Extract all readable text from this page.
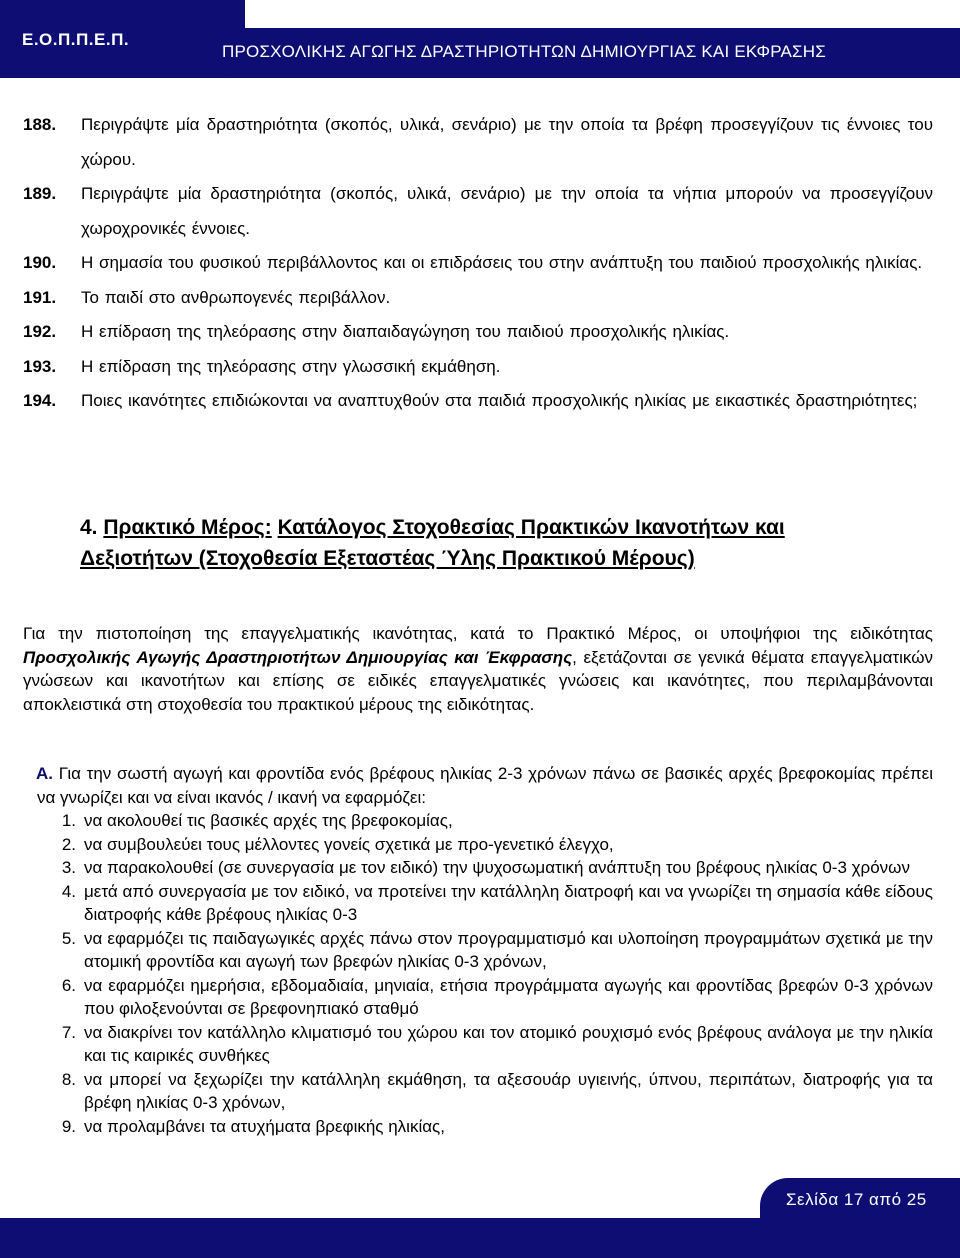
Ε.Ο.Π.Π.Ε.Π.
ΠΡΟΣΧΟΛΙΚΗΣ ΑΓΩΓΗΣ ΔΡΑΣΤΗΡΙΟΤΗΤΩΝ ΔΗΜΙΟΥΡΓΙΑΣ ΚΑΙ ΕΚΦΡΑΣΗΣ
188.	Περιγράψτε μία δραστηριότητα (σκοπός, υλικά, σενάριο) με την οποία τα βρέφη προσεγγίζουν τις έννοιες του χώρου.
189.	Περιγράψτε μία δραστηριότητα (σκοπός, υλικά, σενάριο) με την οποία τα νήπια μπορούν να προσεγγίζουν χωροχρονικές έννοιες.
190.	Η σημασία του φυσικού περιβάλλοντος και οι επιδράσεις του στην ανάπτυξη του παιδιού προσχολικής ηλικίας.
191.	Το παιδί στο ανθρωπογενές περιβάλλον.
192.	Η επίδραση της τηλεόρασης στην διαπαιδαγώγηση του παιδιού προσχολικής ηλικίας.
193.	Η επίδραση της τηλεόρασης στην γλωσσική εκμάθηση.
194.	Ποιες ικανότητες επιδιώκονται να αναπτυχθούν στα παιδιά προσχολικής ηλικίας με εικαστικές δραστηριότητες;
4. Πρακτικό Μέρος: Κατάλογος Στοχοθεσίας Πρακτικών Ικανοτήτων και Δεξιοτήτων (Στοχοθεσία Εξεταστέας Ύλης Πρακτικού Μέρους)
Για την πιστοποίηση της επαγγελματικής ικανότητας, κατά το Πρακτικό Μέρος, οι υποψήφιοι της ειδικότητας Προσχολικής Αγωγής Δραστηριοτήτων Δημιουργίας και Έκφρασης, εξετάζονται σε γενικά θέματα επαγγελματικών γνώσεων και ικανοτήτων και επίσης σε ειδικές επαγγελματικές γνώσεις και ικανότητες, που περιλαμβάνονται αποκλειστικά στη στοχοθεσία του πρακτικού μέρους της ειδικότητας.
Α. Για την σωστή αγωγή και φροντίδα ενός βρέφους ηλικίας 2-3 χρόνων πάνω σε βασικές αρχές βρεφοκομίας πρέπει να γνωρίζει και να είναι ικανός / ικανή να εφαρμόζει:
1. να ακολουθεί τις βασικές αρχές της βρεφοκομίας,
2. να συμβουλεύει τους μέλλοντες γονείς σχετικά με προ-γενετικό έλεγχο,
3. να παρακολουθεί (σε συνεργασία με τον ειδικό) την ψυχοσωματική ανάπτυξη του βρέφους ηλικίας 0-3 χρόνων
4. μετά από συνεργασία με τον ειδικό, να προτείνει την κατάλληλη διατροφή και να γνωρίζει τη σημασία κάθε είδους διατροφής κάθε βρέφους ηλικίας 0-3
5. να εφαρμόζει τις παιδαγωγικές αρχές πάνω στον προγραμματισμό και υλοποίηση προγραμμάτων σχετικά με την ατομική φροντίδα και αγωγή των βρεφών ηλικίας 0-3 χρόνων,
6. να εφαρμόζει ημερήσια, εβδομαδιαία, μηνιαία, ετήσια προγράμματα αγωγής και φροντίδας βρεφών 0-3 χρόνων που φιλοξενούνται σε βρεφονηπιακό σταθμό
7. να διακρίνει τον κατάλληλο κλιματισμό του χώρου και τον ατομικό ρουχισμό ενός βρέφους ανάλογα με την ηλικία και τις καιρικές συνθήκες
8. να μπορεί να ξεχωρίζει την κατάλληλη εκμάθηση, τα αξεσουάρ υγιεινής, ύπνου, περιπάτων, διατροφής για τα βρέφη ηλικίας 0-3 χρόνων,
9. να προλαμβάνει τα ατυχήματα βρεφικής ηλικίας,
Σελίδα 17 από 25
